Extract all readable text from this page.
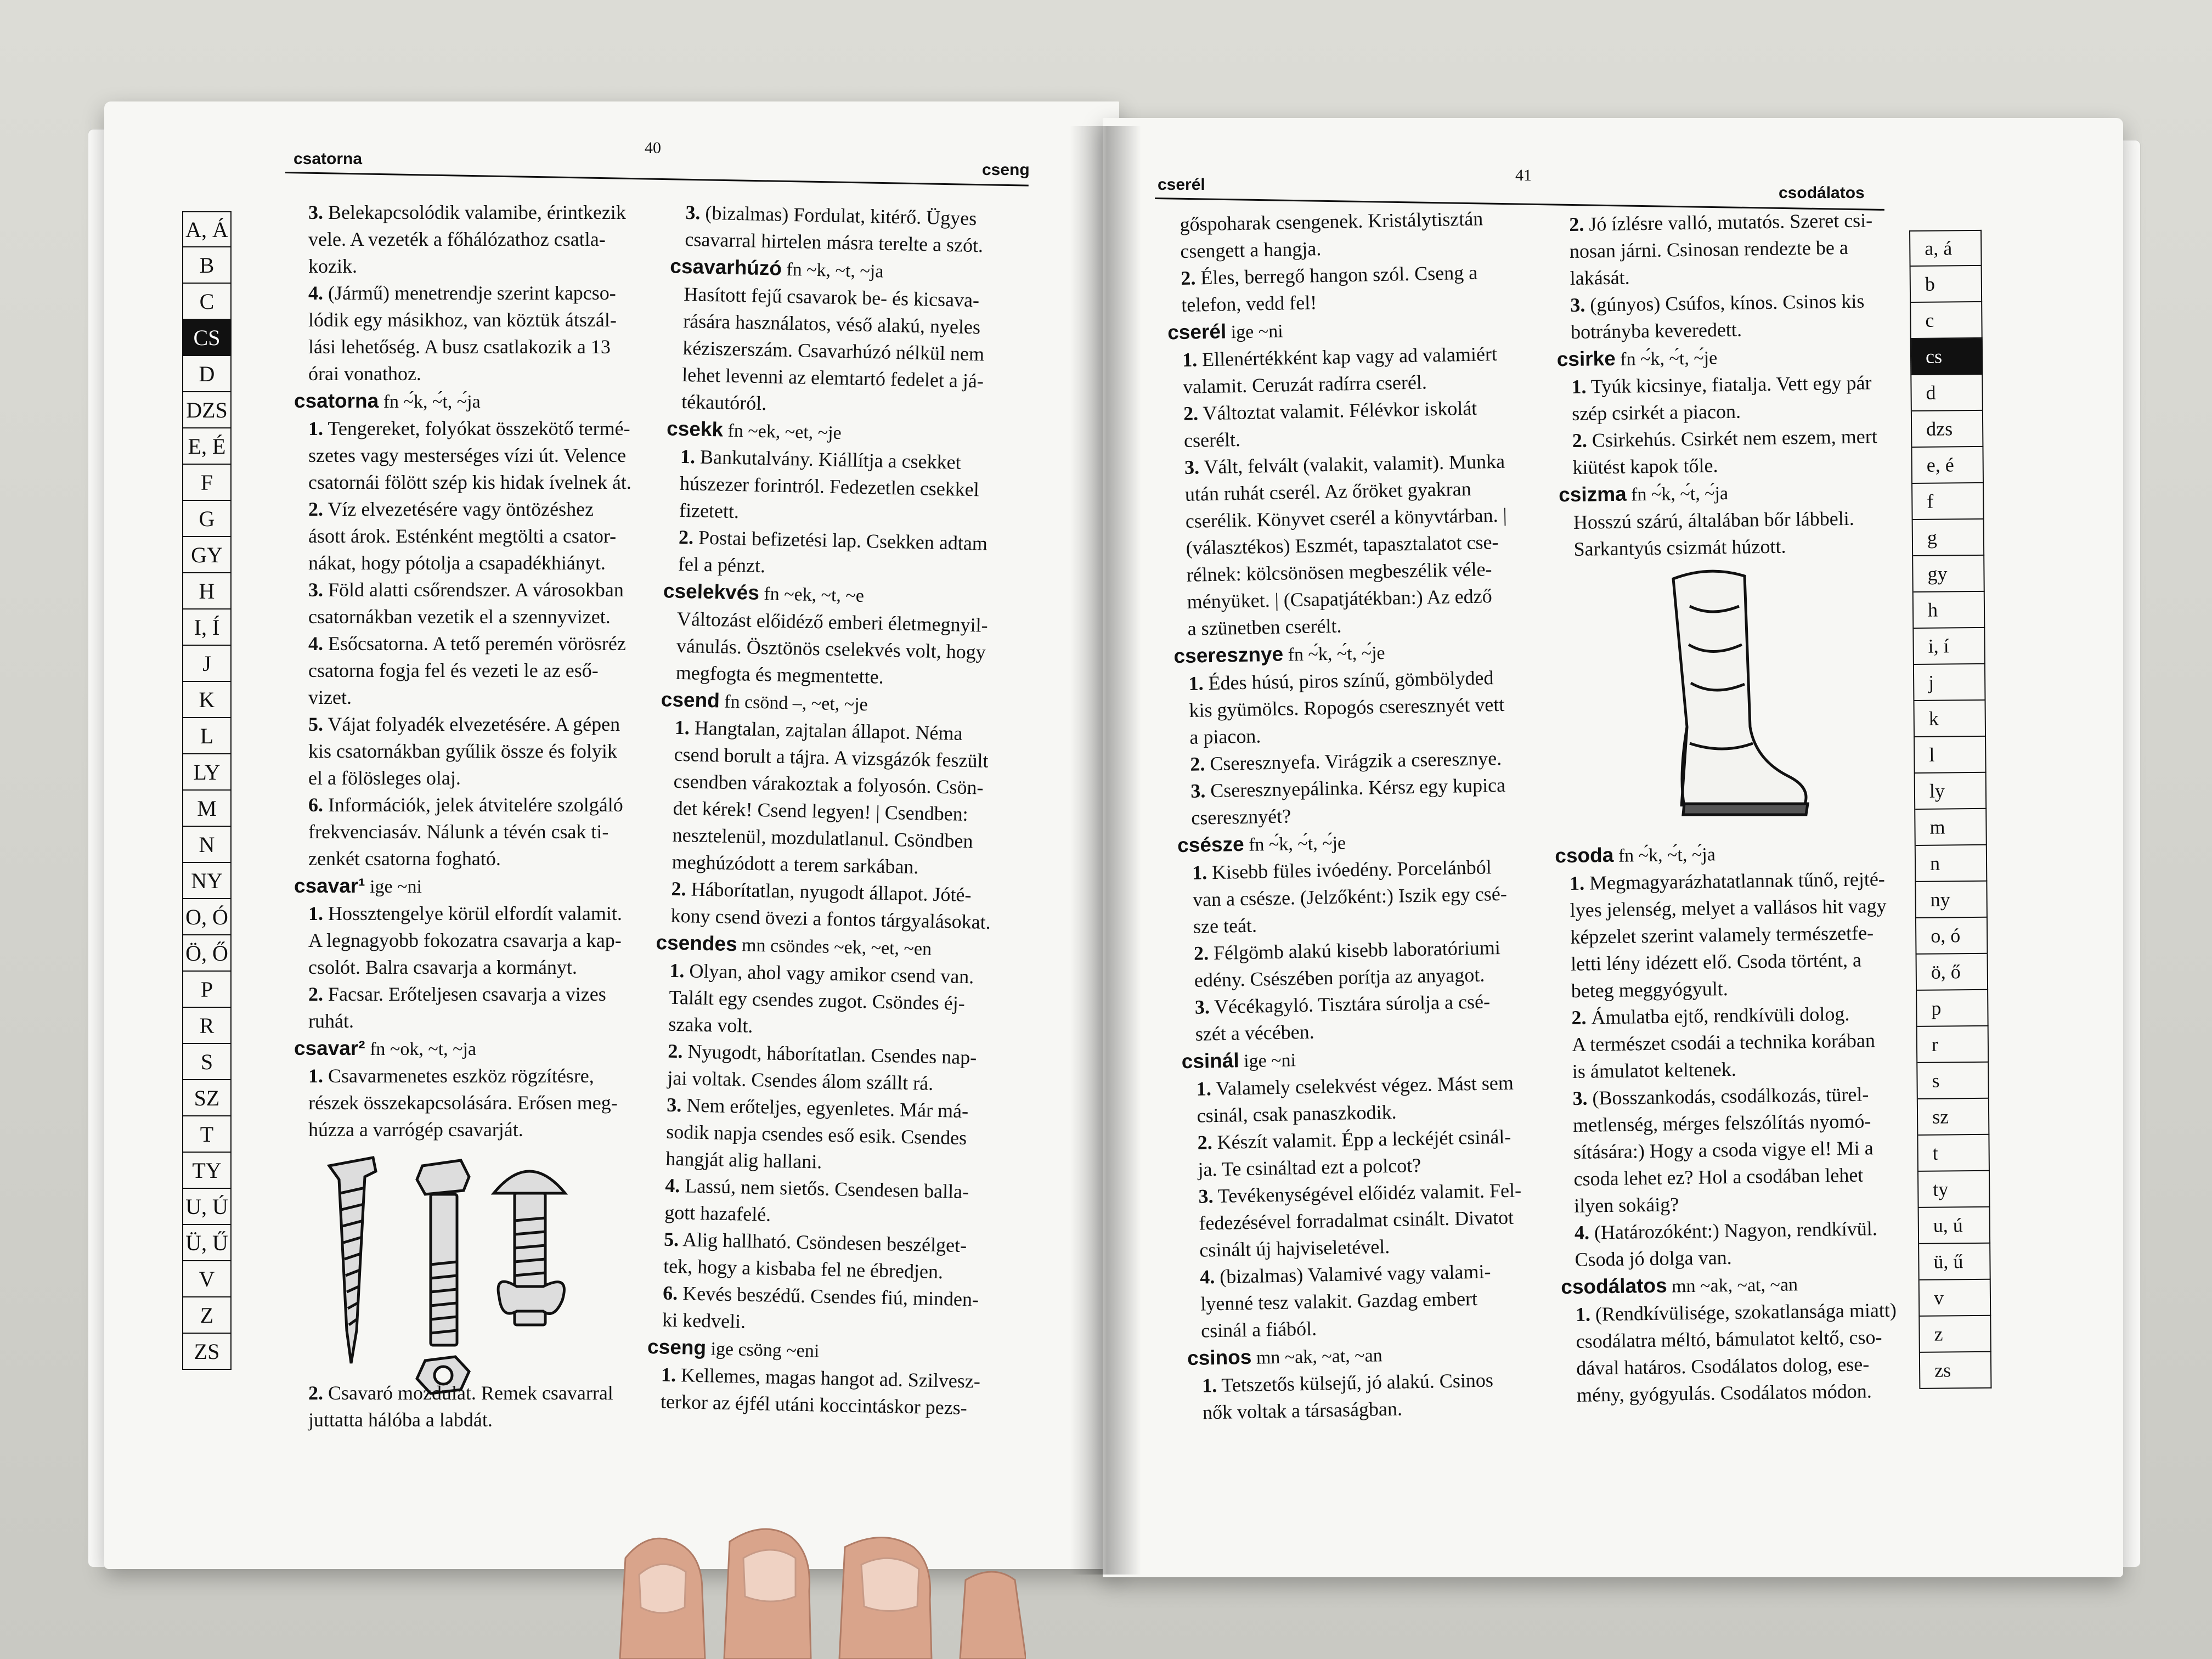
csatorna
40
cseng
A, Á
B
C
CS
D
DZS
E, É
F
G
GY
H
I, Í
J
K
L
LY
M
N
NY
O, Ó
Ö, Ő
P
R
S
SZ
T
TY
U, Ú
Ü, Ű
V
Z
ZS

3. Belekapcsolódik valamibe, érintkezik

vele. A vezeték a főhálózathoz csatla-

kozik.

4. (Jármű) menetrendje szerint kapcso-

lódik egy másikhoz, van köztük átszál-

lási lehetőség. A busz csatlakozik a 13

órai vonathoz.

csatorna fn ~́k, ~́t, ~́ja

1. Tengereket, folyókat összekötő termé-

szetes vagy mesterséges vízi út. Velence

csatornái fölött szép kis hidak ívelnek át.

2. Víz elvezetésére vagy öntözéshez

ásott árok. Esténként megtölti a csator-

nákat, hogy pótolja a csapadékhiányt.

3. Föld alatti csőrendszer. A városokban

csatornákban vezetik el a szennyvizet.

4. Esőcsatorna. A tető peremén vörösréz

csatorna fogja fel és vezeti le az eső-

vizet.

5. Vájat folyadék elvezetésére. A gépen

kis csatornákban gyűlik össze és folyik

el a fölösleges olaj.

6. Információk, jelek átvitelére szolgáló

frekvenciasáv. Nálunk a tévén csak ti-

zenkét csatorna fogható.

csavar¹ ige ~ni

1. Hossztengelye körül elfordít valamit.

A legnagyobb fokozatra csavarja a kap-

csolót. Balra csavarja a kormányt.

2. Facsar. Erőteljesen csavarja a vizes

ruhát.

csavar² fn ~ok, ~t, ~ja

1. Csavarmenetes eszköz rögzítésre,

részek összekapcsolására. Erősen meg-

húzza a varrógép csavarját.

2. Csavaró mozdulat. Remek csavarral

juttatta hálóba a labdát.

3. (bizalmas) Fordulat, kitérő. Ügyes

csavarral hirtelen másra terelte a szót.

csavarhúzó fn ~k, ~t, ~ja

Hasított fejű csavarok be- és kicsava-

rására használatos, véső alakú, nyeles

kéziszerszám. Csavarhúzó nélkül nem

lehet levenni az elemtartó fedelet a já-

tékautóról.

csekk fn ~ek, ~et, ~je

1. Bankutalvány. Kiállítja a csekket

húszezer forintról. Fedezetlen csekkel

fizetett.

2. Postai befizetési lap. Csekken adtam

fel a pénzt.

cselekvés fn ~ek, ~t, ~e

Változást előidéző emberi életmegnyil-

vánulás. Ösztönös cselekvés volt, hogy

megfogta és megmentette.

csend fn csönd –, ~et, ~je

1. Hangtalan, zajtalan állapot. Néma

csend borult a tájra. A vizsgázók feszült

csendben várakoztak a folyosón. Csön-

det kérek! Csend legyen! | Csendben:

nesztelenül, mozdulatlanul. Csöndben

meghúzódott a terem sarkában.

2. Háborítatlan, nyugodt állapot. Jóté-

kony csend övezi a fontos tárgyalásokat.

csendes mn csöndes ~ek, ~et, ~en

1. Olyan, ahol vagy amikor csend van.

Talált egy csendes zugot. Csöndes éj-

szaka volt.

2. Nyugodt, háborítatlan. Csendes nap-

jai voltak. Csendes álom szállt rá.

3. Nem erőteljes, egyenletes. Már má-

sodik napja csendes eső esik. Csendes

hangját alig hallani.

4. Lassú, nem sietős. Csendesen balla-

gott hazafelé.

5. Alig hallható. Csöndesen beszélget-

tek, hogy a kisbaba fel ne ébredjen.

6. Kevés beszédű. Csendes fiú, minden-

ki kedveli.

cseng ige csöng ~eni

1. Kellemes, magas hangot ad. Szilvesz-

terkor az éjfél utáni koccintáskor pezs-

cserél
41
csodálatos

gőspoharak csengenek. Kristálytisztán

csengett a hangja.

2. Éles, berregő hangon szól. Cseng a

telefon, vedd fel!

cserél ige ~ni

1. Ellenértékként kap vagy ad valamiért

valamit. Ceruzát radírra cserél.

2. Változtat valamit. Félévkor iskolát

cserélt.

3. Vált, felvált (valakit, valamit). Munka

után ruhát cserél. Az őröket gyakran

cserélik. Könyvet cserél a könyvtárban. |

(választékos) Eszmét, tapasztalatot cse-

rélnek: kölcsönösen megbeszélik véle-

ményüket. | (Csapatjátékban:) Az edző

a szünetben cserélt.

cseresznye fn ~́k, ~́t, ~́je

1. Édes húsú, piros színű, gömbölyded

kis gyümölcs. Ropogós cseresznyét vett

a piacon.

2. Cseresznyefa. Virágzik a cseresznye.

3. Cseresznyepálinka. Kérsz egy kupica

cseresznyét?

csésze fn ~́k, ~́t, ~́je

1. Kisebb füles ivóedény. Porcelánból

van a csésze. (Jelzőként:) Iszik egy csé-

sze teát.

2. Félgömb alakú kisebb laboratóriumi

edény. Csészében porítja az anyagot.

3. Vécékagyló. Tisztára súrolja a csé-

szét a vécében.

csinál ige ~ni

1. Valamely cselekvést végez. Mást sem

csinál, csak panaszkodik.

2. Készít valamit. Épp a leckéjét csinál-

ja. Te csináltad ezt a polcot?

3. Tevékenységével előidéz valamit. Fel-

fedezésével forradalmat csinált. Divatot

csinált új hajviseletével.

4. (bizalmas) Valamivé vagy valami-

lyenné tesz valakit. Gazdag embert

csinál a fiából.

csinos mn ~ak, ~at, ~an

1. Tetszetős külsejű, jó alakú. Csinos

nők voltak a társaságban.

2. Jó ízlésre valló, mutatós. Szeret csi-

nosan járni. Csinosan rendezte be a

lakását.

3. (gúnyos) Csúfos, kínos. Csinos kis

botrányba keveredett.

csirke fn ~́k, ~́t, ~́je

1. Tyúk kicsinye, fiatalja. Vett egy pár

szép csirkét a piacon.

2. Csirkehús. Csirkét nem eszem, mert

kiütést kapok tőle.

csizma fn ~́k, ~́t, ~́ja

Hosszú szárú, általában bőr lábbeli.

Sarkantyús csizmát húzott.

csoda fn ~́k, ~́t, ~́ja

1. Megmagyarázhatatlannak tűnő, rejté-

lyes jelenség, melyet a vallásos hit vagy

képzelet szerint valamely természetfe-

letti lény idézett elő. Csoda történt, a

beteg meggyógyult.

2. Ámulatba ejtő, rendkívüli dolog.

A természet csodái a technika korában

is ámulatot keltenek.

3. (Bosszankodás, csodálkozás, türel-

metlenség, mérges felszólítás nyomó-

sítására:) Hogy a csoda vigye el! Mi a

csoda lehet ez? Hol a csodában lehet

ilyen sokáig?

4. (Határozóként:) Nagyon, rendkívül.

Csoda jó dolga van.

csodálatos mn ~ak, ~at, ~an

1. (Rendkívülisége, szokatlansága miatt)

csodálatra méltó, bámulatot keltő, cso-

dával határos. Csodálatos dolog, ese-

mény, gyógyulás. Csodálatos módon.

a, á
b
c
cs
d
dzs
e, é
f
g
gy
h
i, í
j
k
l
ly
m
n
ny
o, ó
ö, ő
p
r
s
sz
t
ty
u, ú
ü, ű
v
z
zs
